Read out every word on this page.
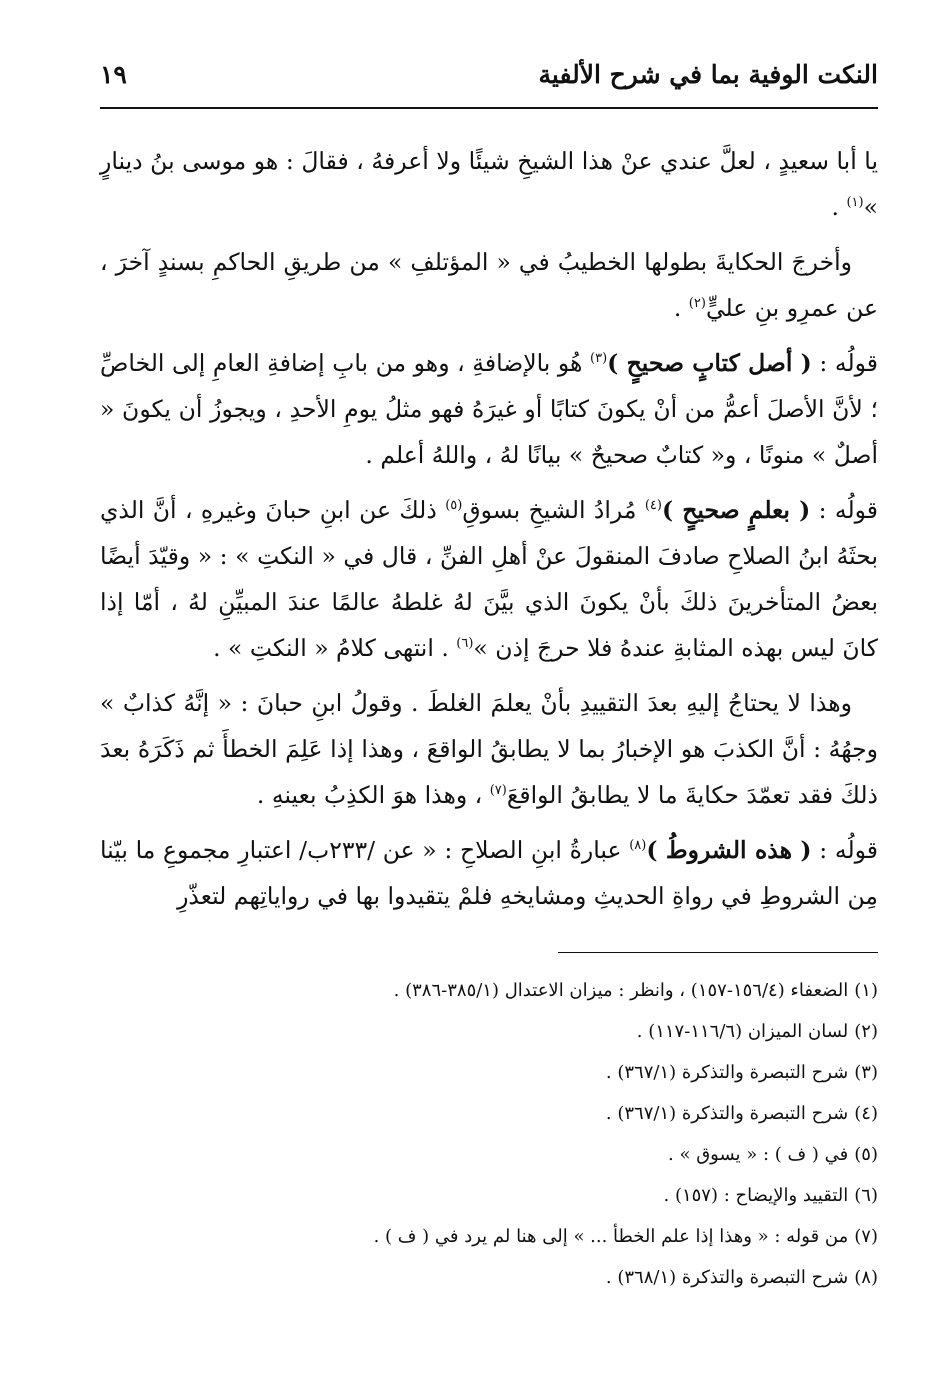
النكت الوفية بما في شرح الألفية
١٩

يا أبا سعيدٍ ، لعلَّ عندي عنْ هذا الشيخِ شيئًا ولا أعرفهُ ، فقالَ : هو موسى بنُ دينارٍ »$^{(١)}$ .

وأخرجَ الحكايةَ بطولها الخطيبُ في « المؤتلفِ » من طريقِ الحاكمِ بسندٍ آخرَ ، عن عمرِو بنِ عليٍّ$^{(٢)}$ .

قولُه : ( أصل كتابٍ صحيحٍ )$^{(٣)}$ هُو بالإضافةِ ، وهو من بابِ إضافةِ العامِ إلى الخاصِّ ؛ لأنَّ الأصلَ أعمُّ من أنْ يكونَ كتابًا أو غيرَهُ فهو مثلُ يومِ الأحدِ ، ويجوزُ أن يكونَ « أصلٌ » منونًا ، و« كتابٌ صحيحٌ » بيانًا لهُ ، واللهُ أعلم .

قولُه : ( بعلمٍ صحيحٍ )$^{(٤)}$ مُرادُ الشيخِ بسوقِ$^{(٥)}$ ذلكَ عن ابنِ حبانَ وغيرهِ ، أنَّ الذي بحثَهُ ابنُ الصلاحِ صادفَ المنقولَ عنْ أهلِ الفنِّ ، قال في « النكتِ » : « وقيّدَ أيضًا بعضُ المتأخرينَ ذلكَ بأنْ يكونَ الذي بيَّنَ لهُ غلطهُ عالمًا عندَ المبيِّنِ لهُ ، أمّا إذا كانَ ليس بهذه المثابةِ عندهُ فلا حرجَ إذن »$^{(٦)}$ . انتهى كلامُ « النكتِ » .

وهذا لا يحتاجُ إليهِ بعدَ التقييدِ بأنْ يعلمَ الغلطَ . وقولُ ابنِ حبانَ : « إنَّهُ كذابٌ » وجهُهُ : أنَّ الكذبَ هو الإخبارُ بما لا يطابقُ الواقعَ ، وهذا إذا عَلِمَ الخطأَ ثم ذَكَرَهُ بعدَ ذلكَ فقد تعمّدَ حكايةَ ما لا يطابقُ الواقعَ$^{(٧)}$ ، وهذا هوَ الكذِبُ بعينهِ .

قولُه : ( هذه الشروطُ )$^{(٨)}$ عبارةُ ابنِ الصلاحِ : « عن /٢٣٣ب/ اعتبارِ مجموعِ ما بيّنا مِن الشروطِ في رواةِ الحديثِ ومشايخهِ فلمْ يتقيدوا بها في رواياتِهم لتعذّرِ

(١)الضعفاء (١٥٦/٤-١٥٧) ، وانظر : ميزان الاعتدال (٣٨٥/١-٣٨٦) .
(٢)لسان الميزان (١١٦/٦-١١٧) .
(٣)شرح التبصرة والتذكرة (٣٦٧/١) .
(٤)شرح التبصرة والتذكرة (٣٦٧/١) .
(٥)في ( ف ) : « يسوق » .
(٦)التقييد والإيضاح : (١٥٧) .
(٧)من قوله : « وهذا إذا علم الخطأ ... » إلى هنا لم يرد في ( ف ) .
(٨)شرح التبصرة والتذكرة (٣٦٨/١) .
